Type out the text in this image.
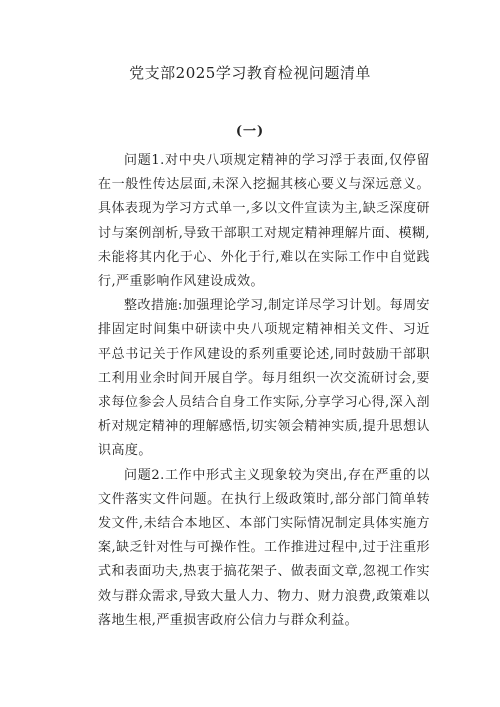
党支部2025学习教育检视问题清单
(一)

问题1.对中央八项规定精神的学习浮于表面,仅停留在一般性传达层面,未深入挖掘其核心要义与深远意义。具体表现为学习方式单一,多以文件宣读为主,缺乏深度研讨与案例剖析,导致干部职工对规定精神理解片面、模糊,未能将其内化于心、外化于行,难以在实际工作中自觉践行,严重影响作风建设成效。

整改措施:加强理论学习,制定详尽学习计划。每周安排固定时间集中研读中央八项规定精神相关文件、习近平总书记关于作风建设的系列重要论述,同时鼓励干部职工利用业余时间开展自学。每月组织一次交流研讨会,要求每位参会人员结合自身工作实际,分享学习心得,深入剖析对规定精神的理解感悟,切实领会精神实质,提升思想认识高度。

问题2.工作中形式主义现象较为突出,存在严重的以文件落实文件问题。在执行上级政策时,部分部门简单转发文件,未结合本地区、本部门实际情况制定具体实施方案,缺乏针对性与可操作性。工作推进过程中,过于注重形式和表面功夫,热衷于搞花架子、做表面文章,忽视工作实效与群众需求,导致大量人力、物力、财力浪费,政策难以落地生根,严重损害政府公信力与群众利益。
